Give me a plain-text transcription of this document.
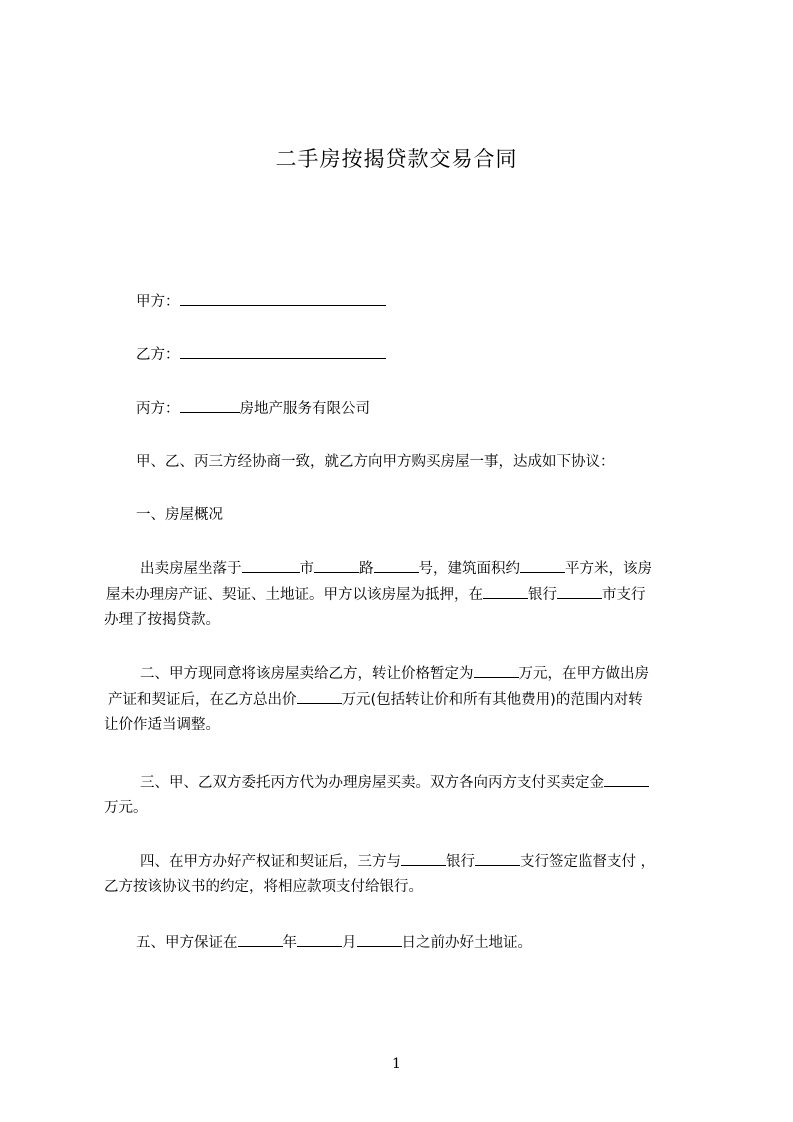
二手房按揭贷款交易合同
甲方：
乙方：
丙方：	房地产服务有限公司
甲、乙、丙三方经协商一致，就乙方向甲方购买房屋一事，达成如下协议：
一、房屋概况
出卖房屋坐落于	市	路	号，建筑面积约	平方米，该房
屋未办理房产证、契证、土地证。甲方以该房屋为抵押，在	银行	市支行
办理了按揭贷款。
二、甲方现同意将该房屋卖给乙方，转让价格暂定为	万元，在甲方做出房
产证和契证后，在乙方总出价	万元(包括转让价和所有其他费用)的范围内对转
让价作适当调整。
三、甲、乙双方委托丙方代为办理房屋买卖。双方各向丙方支付买卖定金
万元。
四、在甲方办好产权证和契证后，三方与	银行	支行签定监督支付 ，
乙方按该协议书的约定，将相应款项支付给银行。
五、甲方保证在	年	月	日之前办好土地证。
1
